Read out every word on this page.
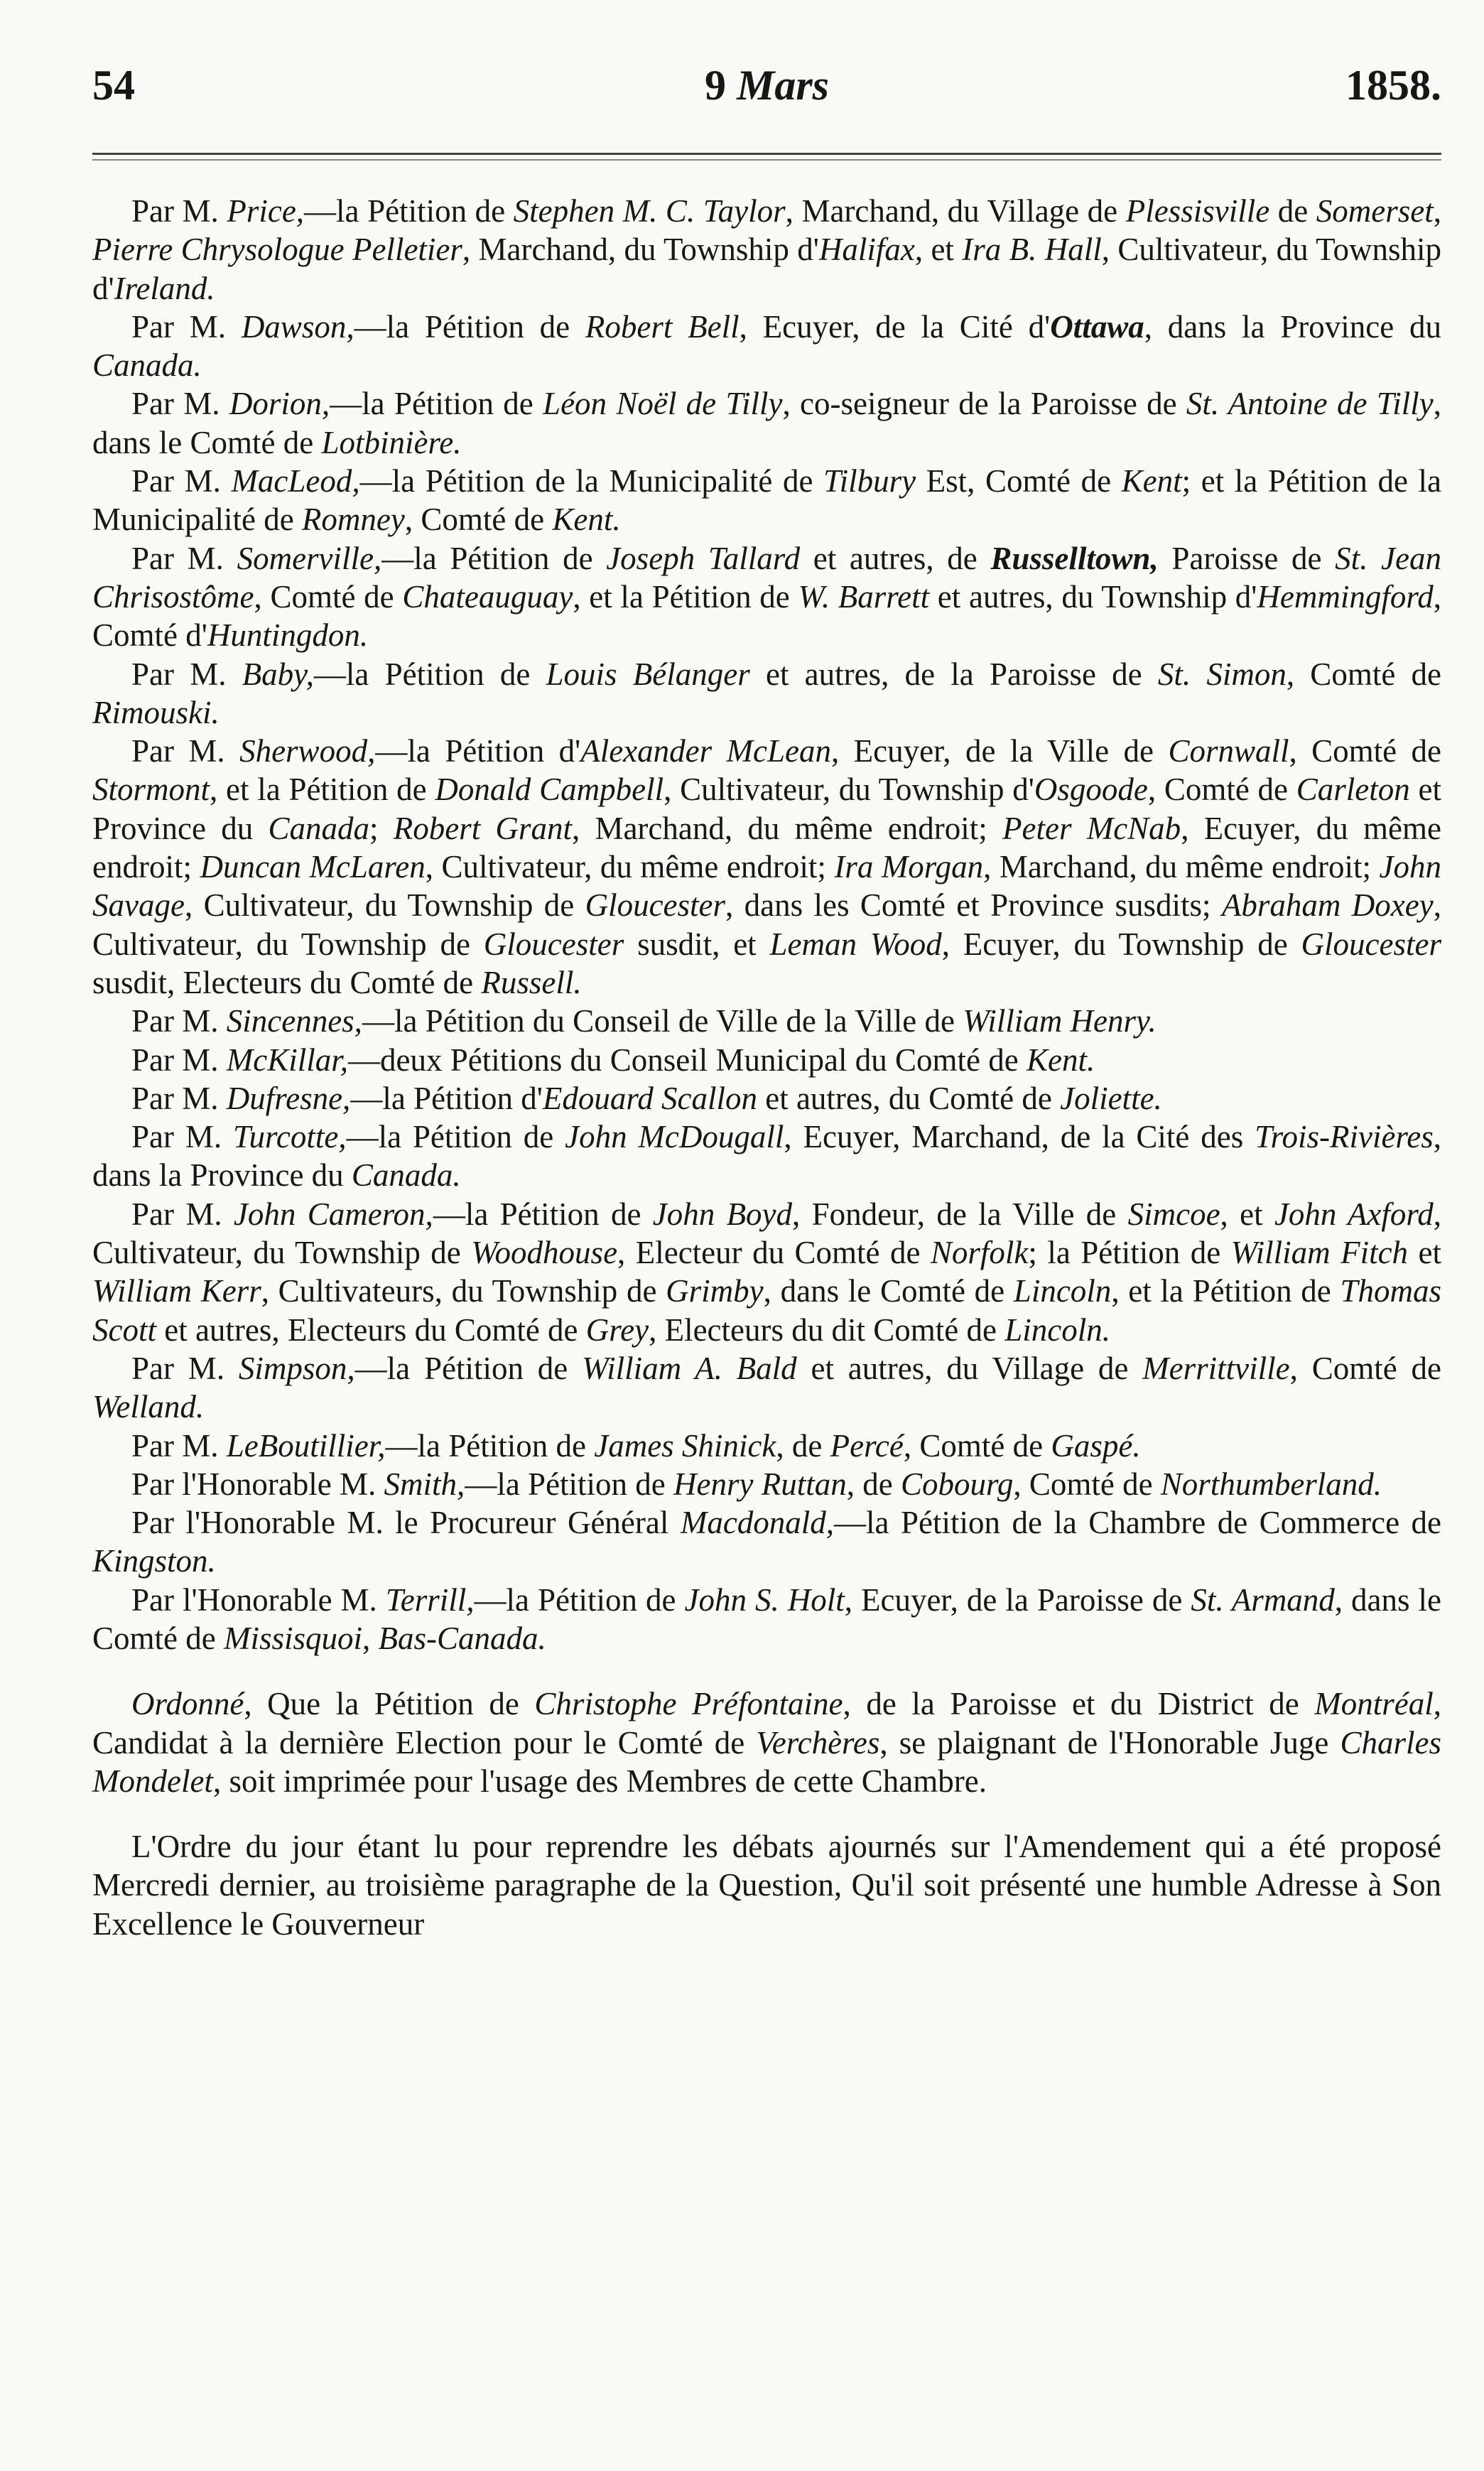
54	9 Mars	1858.

Par M. Price,—la Pétition de Stephen M. C. Taylor, Marchand, du Village de Plessisville de Somerset, Pierre Chrysologue Pelletier, Marchand, du Township d'Halifax, et Ira B. Hall, Cultivateur, du Township d'Ireland.

Par M. Dawson,—la Pétition de Robert Bell, Ecuyer, de la Cité d'Ottawa, dans la Province du Canada.

Par M. Dorion,—la Pétition de Léon Noël de Tilly, co-seigneur de la Paroisse de St. Antoine de Tilly, dans le Comté de Lotbinière.

Par M. MacLeod,—la Pétition de la Municipalité de Tilbury Est, Comté de Kent; et la Pétition de la Municipalité de Romney, Comté de Kent.

Par M. Somerville,—la Pétition de Joseph Tallard et autres, de Russelltown, Paroisse de St. Jean Chrisostôme, Comté de Chateauguay, et la Pétition de W. Barrett et autres, du Township d'Hemmingford, Comté d'Huntingdon.

Par M. Baby,—la Pétition de Louis Bélanger et autres, de la Paroisse de St. Simon, Comté de Rimouski.

Par M. Sherwood,—la Pétition d'Alexander McLean, Ecuyer, de la Ville de Cornwall, Comté de Stormont, et la Pétition de Donald Campbell, Cultivateur, du Township d'Osgoode, Comté de Carleton et Province du Canada; Robert Grant, Marchand, du même endroit; Peter McNab, Ecuyer, du même endroit; Duncan McLaren, Cultivateur, du même endroit; Ira Morgan, Marchand, du même endroit; John Savage, Cultivateur, du Township de Gloucester, dans les Comté et Province susdits; Abraham Doxey, Cultivateur, du Township de Gloucester susdit, et Leman Wood, Ecuyer, du Township de Gloucester susdit, Electeurs du Comté de Russell.

Par M. Sincennes,—la Pétition du Conseil de Ville de la Ville de William Henry.

Par M. McKillar,—deux Pétitions du Conseil Municipal du Comté de Kent.

Par M. Dufresne,—la Pétition d'Edouard Scallon et autres, du Comté de Joliette.

Par M. Turcotte,—la Pétition de John McDougall, Ecuyer, Marchand, de la Cité des Trois-Rivières, dans la Province du Canada.

Par M. John Cameron,—la Pétition de John Boyd, Fondeur, de la Ville de Simcoe, et John Axford, Cultivateur, du Township de Woodhouse, Electeur du Comté de Norfolk; la Pétition de William Fitch et William Kerr, Cultivateurs, du Township de Grimby, dans le Comté de Lincoln, et la Pétition de Thomas Scott et autres, Electeurs du Comté de Grey, Electeurs du dit Comté de Lincoln.

Par M. Simpson,—la Pétition de William A. Bald et autres, du Village de Merrittville, Comté de Welland.

Par M. LeBoutillier,—la Pétition de James Shinick, de Percé, Comté de Gaspé.

Par l'Honorable M. Smith,—la Pétition de Henry Ruttan, de Cobourg, Comté de Northumberland.

Par l'Honorable M. le Procureur Général Macdonald,—la Pétition de la Chambre de Commerce de Kingston.

Par l'Honorable M. Terrill,—la Pétition de John S. Holt, Ecuyer, de la Paroisse de St. Armand, dans le Comté de Missisquoi, Bas-Canada.

Ordonné, Que la Pétition de Christophe Préfontaine, de la Paroisse et du District de Montréal, Candidat à la dernière Election pour le Comté de Verchères, se plaignant de l'Honorable Juge Charles Mondelet, soit imprimée pour l'usage des Membres de cette Chambre.

L'Ordre du jour étant lu pour reprendre les débats ajournés sur l'Amendement qui a été proposé Mercredi dernier, au troisième paragraphe de la Question, Qu'il soit présenté une humble Adresse à Son Excellence le Gouverneur
